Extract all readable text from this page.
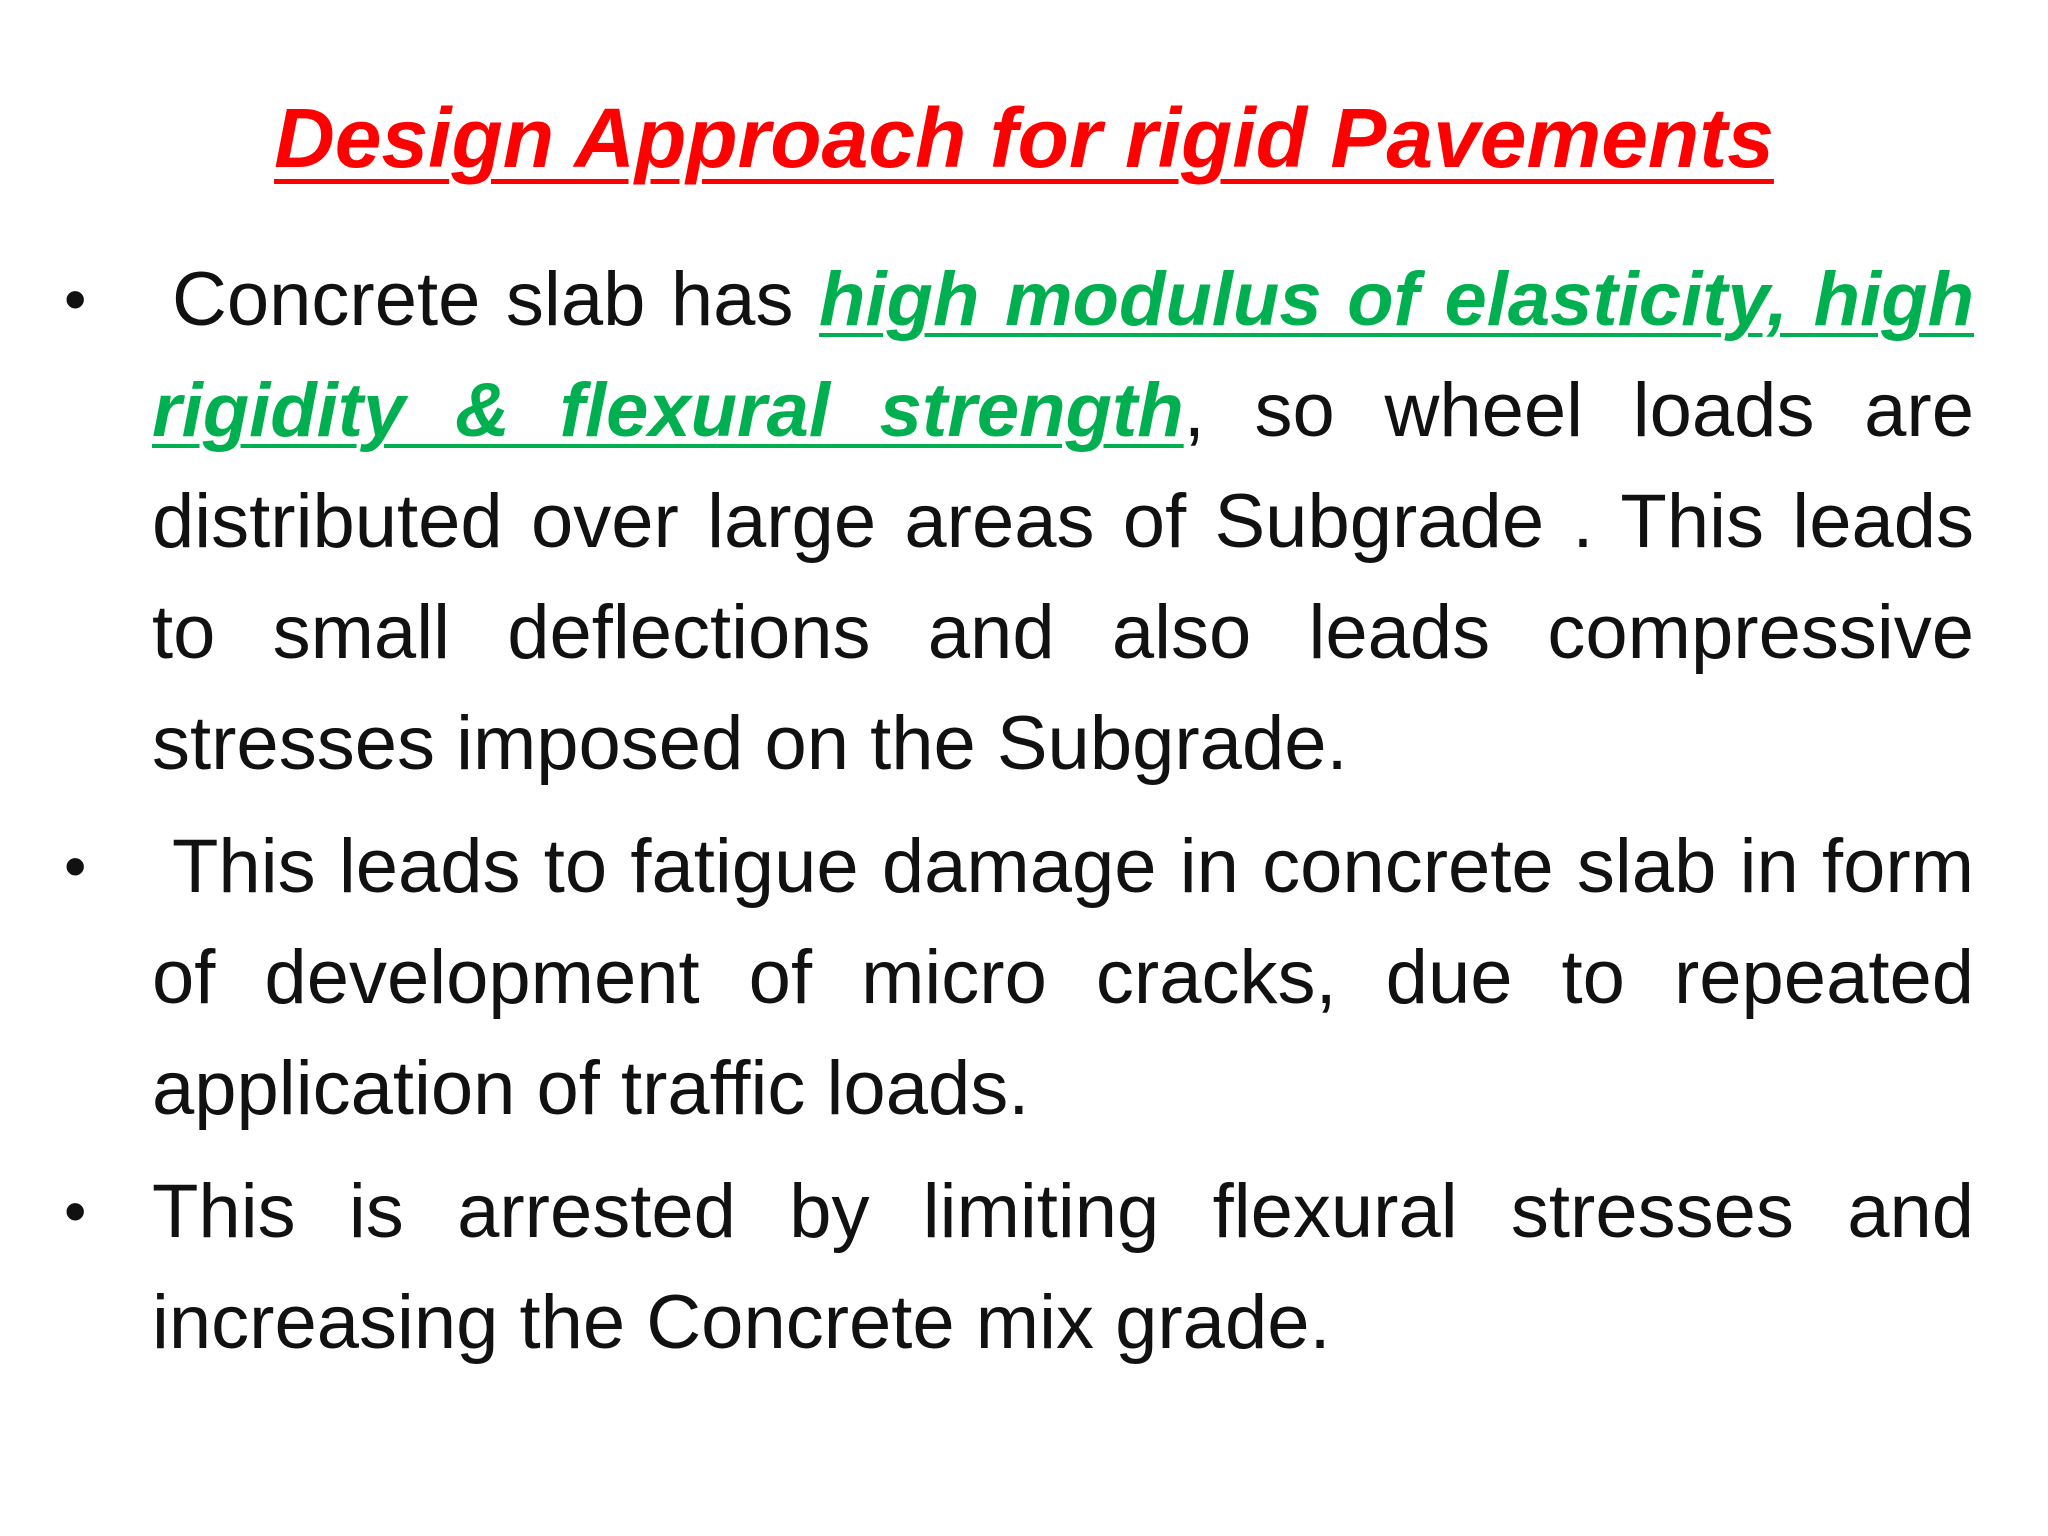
Design Approach for rigid Pavements
• Concrete slab has high modulus of elasticity, high rigidity & flexural strength, so wheel loads are distributed over large areas of Subgrade . This leads to small deflections and also leads compressive stresses imposed on the Subgrade.
• This leads to fatigue damage in concrete slab in form of development of micro cracks, due to repeated application of traffic loads.
• This is arrested by limiting flexural stresses and increasing the Concrete mix grade.
